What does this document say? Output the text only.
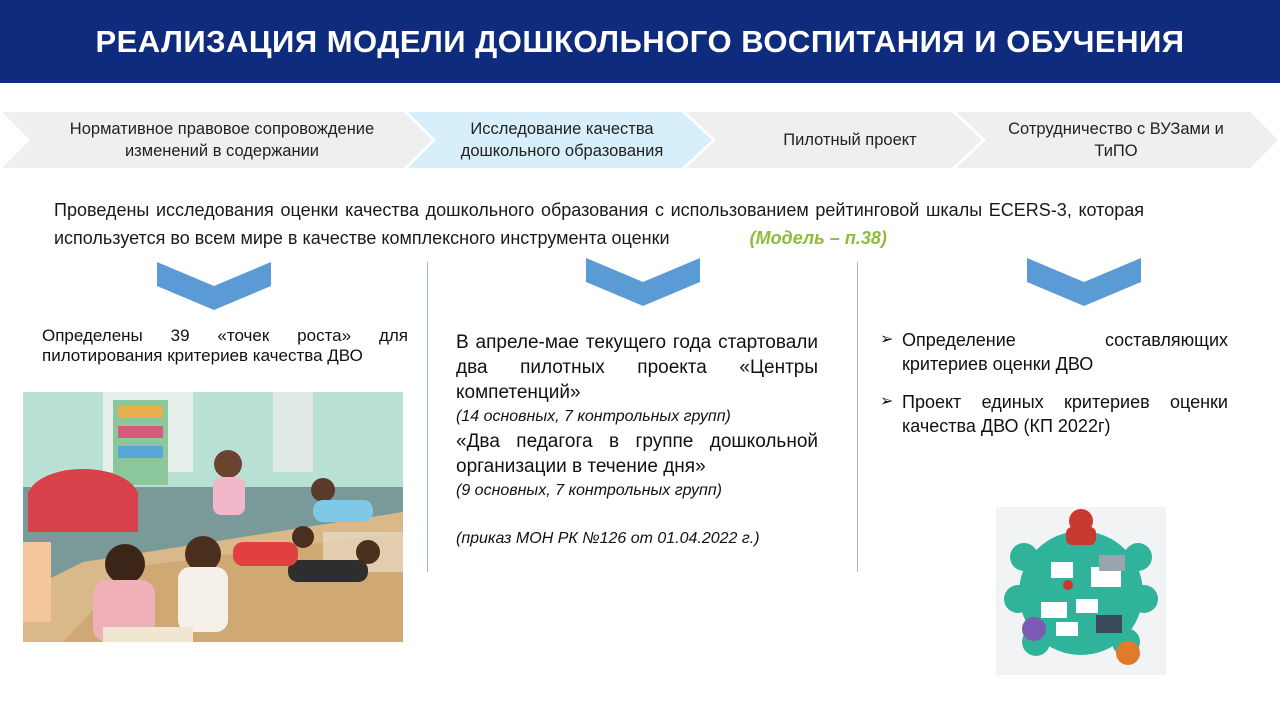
РЕАЛИЗАЦИЯ МОДЕЛИ ДОШКОЛЬНОГО ВОСПИТАНИЯ И ОБУЧЕНИЯ
Нормативное правовое сопровождение изменений в содержании
Исследование качества дошкольного образования
Пилотный проект
Сотрудничество с ВУЗами и ТиПО
Проведены исследования оценки качества дошкольного образования с использованием рейтинговой шкалы ECERS-3, которая используется во всем мире в качестве комплексного инструмента оценки	(Модель – п.38)
Определены 39 «точек роста» для пилотирования критериев качества ДВО

В апреле-мае текущего года стартовали два пилотных проекта «Центры компетенций»

(14 основных, 7 контрольных групп)

«Два педагога в группе дошкольной организации в течение дня»

(9 основных, 7 контрольных групп)

(приказ МОН РК №126 от 01.04.2022 г.)

➢ Определение составляющих критериев оценки ДВО
➢ Проект единых критериев оценки качества ДВО (КП 2022г)
